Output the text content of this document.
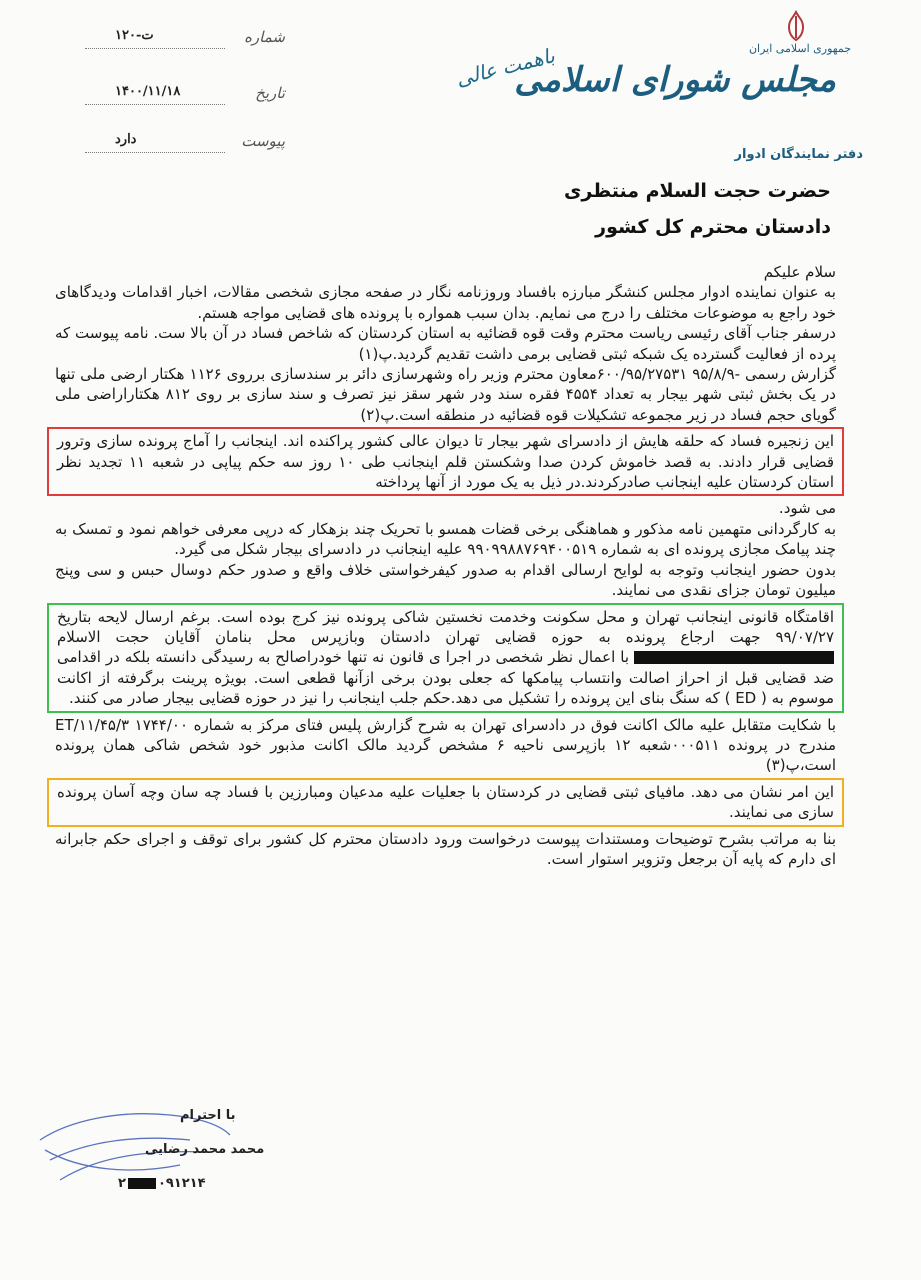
شماره
ت-۱۲۰
تاریخ
۱۴۰۰/۱۱/۱۸
پیوست
دارد
باهمت عالی	جمهوری اسلامی ایران
مجلس شورای اسلامی
دفتر نمایندگان ادوار
حضرت حجت السلام منتظری
دادستان محترم کل کشور

سلام علیکم

به عنوان نماینده ادوار مجلس کنشگر مبارزه بافساد وروزنامه نگار در صفحه مجازی شخصی مقالات، اخبار اقدامات ودیدگاهای خود راجع به موضوعات مختلف را درج می نمایم. بدان سبب همواره با پرونده های قضایی مواجه هستم.

درسفر جناب آقای رئیسی ریاست محترم وقت قوه قضائیه به استان کردستان که شاخص فساد در آن بالا ست. نامه پیوست که پرده از فعالیت گسترده یک شبکه ثبتی قضایی برمی داشت تقدیم گردید.پ(۱)

گزارش رسمی -۹۵/۸/۹ ۶۰۰/۹۵/۲۷۵۳۱معاون محترم وزیر راه وشهرسازی دائر بر سندسازی برروی ۱۱۲۶ هکتار ارضی ملی تنها در یک بخش ثبتی شهر بیجار به تعداد ۴۵۵۴ فقره سند ودر شهر سقز نیز تصرف و سند سازی بر روی ۸۱۲ هکتاراراضی ملی گویای حجم فساد در زیر مجموعه تشکیلات قوه قضائیه در منطقه است.پ(۲)

این زنجیره فساد که حلقه هایش از دادسرای شهر بیجار تا دیوان عالی کشور پراکنده اند. اینجانب را آماج پرونده سازی وترور قضایی قرار دادند. به قصد خاموش کردن صدا وشکستن قلم اینجانب طی ۱۰ روز سه حکم پیاپی در شعبه ۱۱ تجدید نظر استان کردستان علیه اینجانب صادرکردند.در ذیل به یک مورد از آنها پرداخته

می شود.

به کارگردانی متهمین نامه مذکور و هماهنگی برخی قضات همسو با تحریک چند بزهکار که درپی معرفی خواهم نمود و تمسک به چند پیامک مجازی پرونده ای به شماره ۹۹۰۹۹۸۸۷۶۹۴۰۰۵۱۹ علیه اینجانب در دادسرای بیجار شکل می گیرد.

بدون حضور اینجانب وتوجه به لوایح ارسالی اقدام به صدور کیفرخواستی خلاف واقع و صدور حکم دوسال حبس و سی وپنج میلیون تومان جزای نقدی می نمایند.

اقامتگاه قانونی اینجانب تهران و محل سکونت وخدمت نخستین شاکی پرونده نیز کرج بوده است. برغم ارسال لایحه بتاریخ ۹۹/۰۷/۲۷ جهت ارجاع پرونده به حوزه قضایی تهران دادستان وبازپرس محل بنامان آقایان حجت الاسلام  با اعمال نظر شخصی در اجرا ی قانون نه تنها خودراصالح به رسیدگی دانسته بلکه در اقدامی ضد قضایی قبل از احراز اصالت وانتساب پیامکها که جعلی بودن برخی ازآنها قطعی است. بویژه پرینت برگرفته از اکانت موسوم به ( ED ) که سنگ بنای این پرونده را تشکیل می دهد.حکم جلب اینجانب را نیز در حوزه قضایی بیجار صادر می کنند.

با شکایت متقابل علیه مالک اکانت فوق در دادسرای تهران به شرح گزارش پلیس فتای مرکز به شماره ET/۱۱/۴۵/۳ ۱۷۴۴/۰۰ مندرج در پرونده ۰۰۰۵۱۱شعبه ۱۲ بازپرسی ناحیه ۶ مشخص گردید مالک اکانت مذبور خود شخص شاکی همان پرونده است،پ(۳)

این امر نشان می دهد. مافیای ثبتی قضایی در کردستان با جعلیات علیه مدعیان ومبارزین با فساد چه سان وچه آسان پرونده سازی می نمایند.

بنا به مراتب بشرح توضیحات ومستندات پیوست درخواست ورود دادستان محترم کل کشور برای توقف و اجرای حکم جابرانه ای دارم که پایه آن برجعل وتزویر استوار است.

با احترام
محمد محمد رضایی
۲ ۰۹۱۲۱۴
